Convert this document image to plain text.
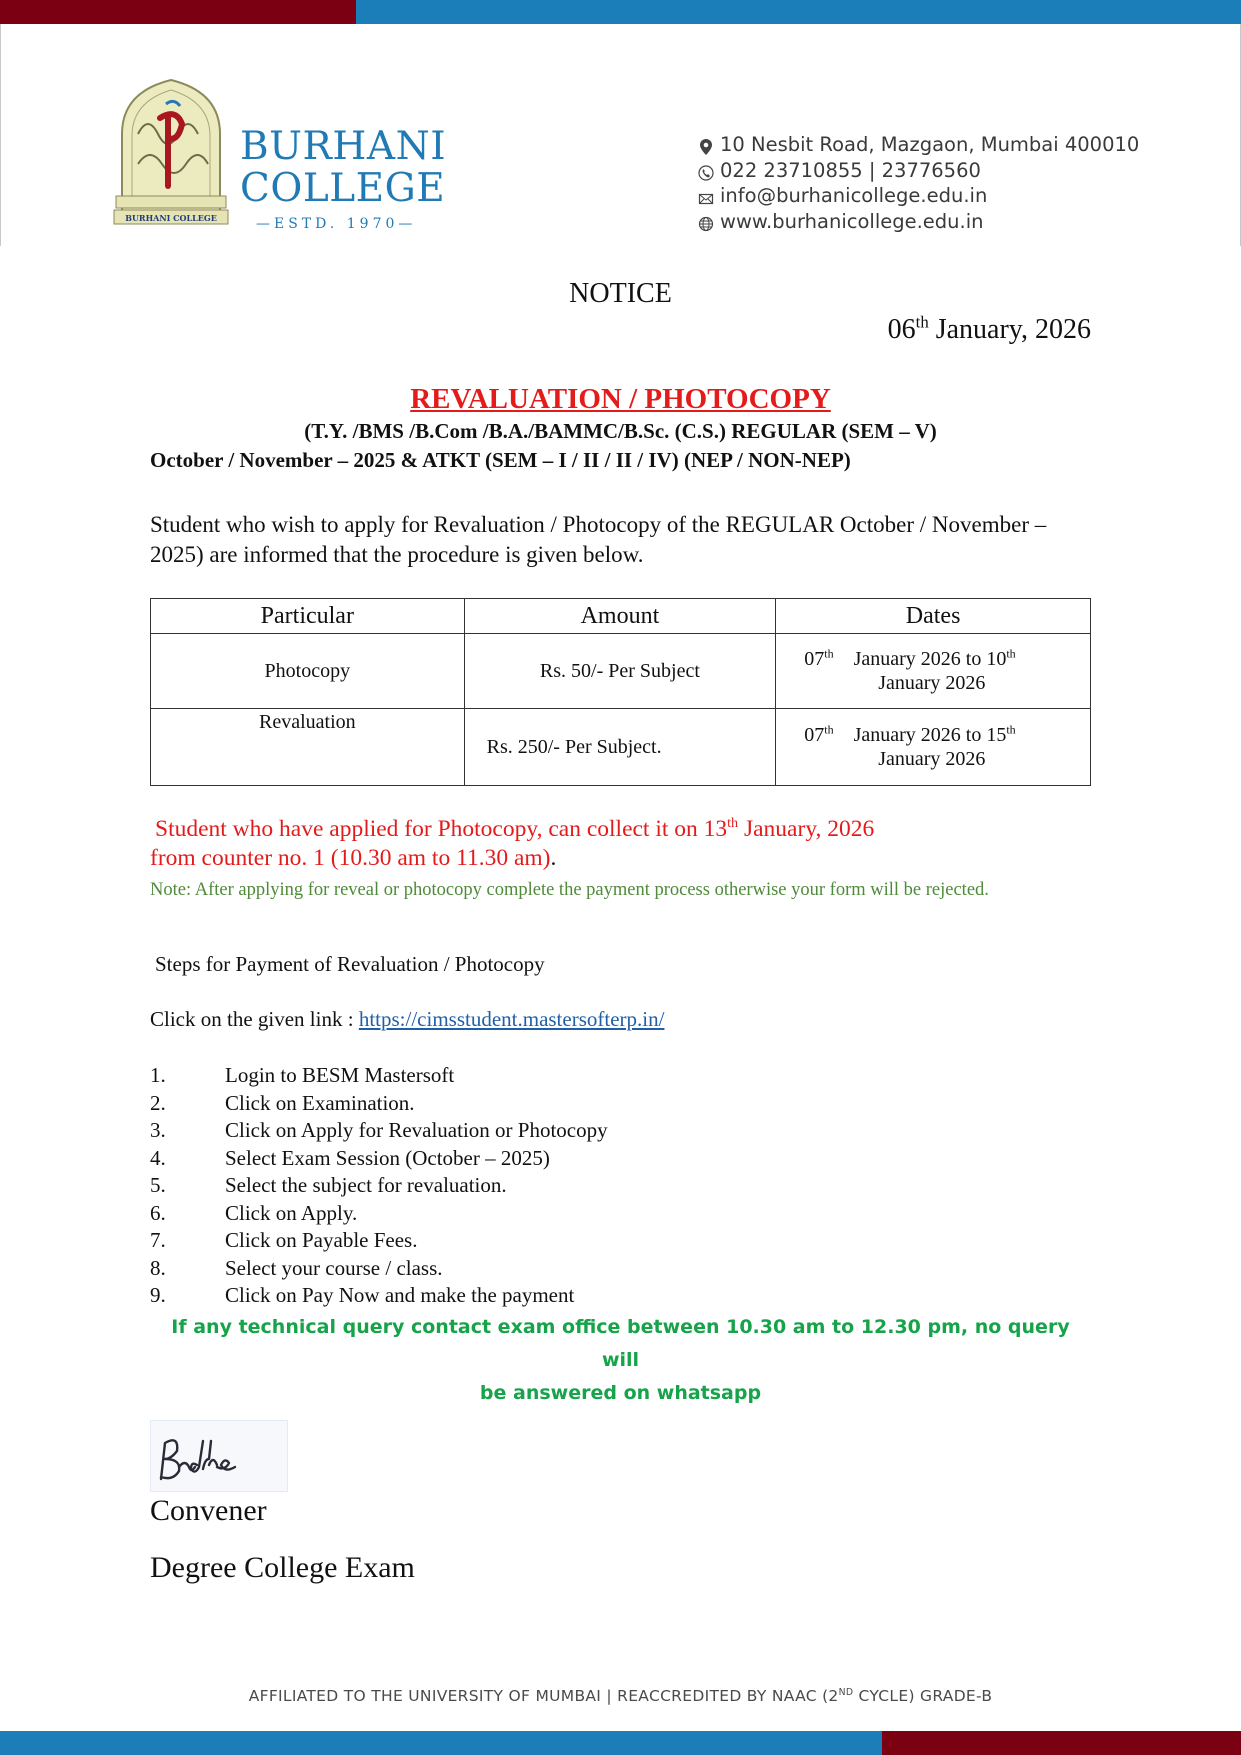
BURHANI COLLEGE
BURHANI
COLLEGE
—ESTD. 1970—
10 Nesbit Road, Mazgaon, Mumbai 400010
022 23710855 | 23776560
info@burhanicollege.edu.in
www.burhanicollege.edu.in
NOTICE
06th January, 2026
REVALUATION / PHOTOCOPY
(T.Y. /BMS /B.Com /B.A./BAMMC/B.Sc. (C.S.) REGULAR (SEM – V)
October / November – 2025 & ATKT (SEM – I / II / II / IV) (NEP / NON-NEP)
Student who wish to apply for Revaluation / Photocopy of the REGULAR October / November – 2025) are informed that the procedure is given below.
Particular	Amount	Dates
Photocopy	Rs. 50/- Per Subject	07th January 2026 to 10th
January 2026

Revaluation	Rs. 250/- Per Subject.	07th January 2026 to 15th
January 2026
Student who have applied for Photocopy, can collect it on 13th January, 2026
from counter no. 1 (10.30 am to 11.30 am).
Note: After applying for reveal or photocopy complete the payment process otherwise your form will be rejected.
Steps for Payment of Revaluation / Photocopy
Click on the given link : https://cimsstudent.mastersofterp.in/
1.	Login to BESM Mastersoft
2.	Click on Examination.
3.	Click on Apply for Revaluation or Photocopy
4.	Select Exam Session (October – 2025)
5.	Select the subject for revaluation.
6.	Click on Apply.
7.	Click on Payable Fees.
8.	Select your course / class.
9.	Click on Pay Now and make the payment
If any technical query contact exam office between 10.30 am to 12.30 pm, no query will
be answered on whatsapp
Convener
Degree College Exam
AFFILIATED TO THE UNIVERSITY OF MUMBAI | REACCREDITED BY NAAC (2ND CYCLE) GRADE-B
